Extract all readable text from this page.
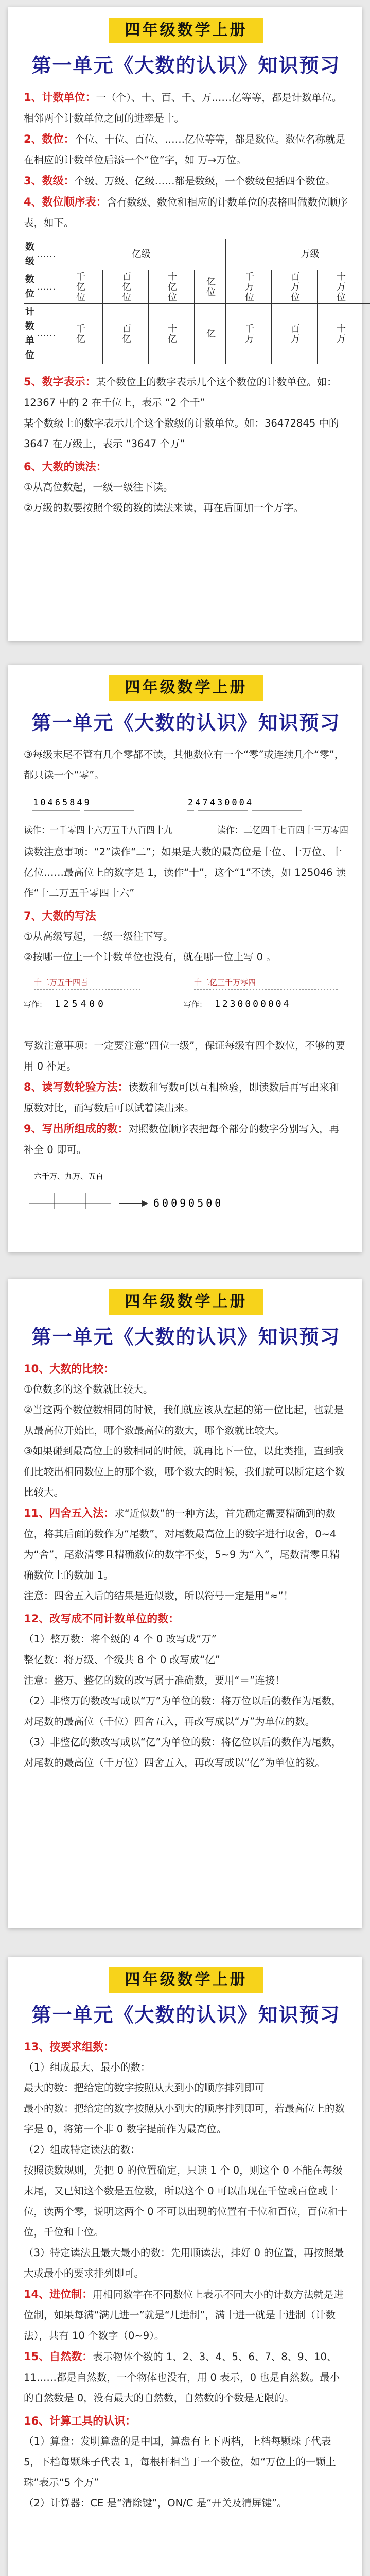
四年级数学上册
第一单元《大数的认识》知识预习

1、计数单位：一（个）、十、百、千、万……亿等等，都是计数单位。相邻两个计数单位之间的进率是十。

2、数位：个位、十位、百位、……亿位等等，都是数位。数位名称就是在相应的计数单位后添一个“位”字，如 万→万位。

3、数级：个级、万级、亿级……都是数级，一个数级包括四个数位。

4、数位顺序表：含有数级、数位和相应的计数单位的表格叫做数位顺序表，如下。

数级	……	亿级				万级	
数位	……	千亿位	百亿位	十亿位	亿位	千万位	百万位	十万位					
计数单位	……	千亿	百亿	十亿	亿	千万	百万	十万					

5、数字表示：某个数位上的数字表示几个这个数位的计数单位。如：12367 中的 2 在千位上，表示 “2 个千”

某个数级上的数字表示几个这个数级的计数单位。如：36472845 中的 3647 在万级上，表示 “3647 个万”

6、大数的读法：

①从高位数起，一级一级往下读。

②万级的数要按照个级的数的读法来读，再在后面加一个万字。

四年级数学上册
第一单元《大数的认识》知识预习

③每级末尾不管有几个零都不读，其他数位有一个“零”或连续几个“零”，都只读一个“零”。

10465849	247430004
读作：一千零四十六万五千八百四十九	读作：二亿四千七百四十三万零四

读数注意事项：“2”读作“二”；如果是大数的最高位是十位、十万位、十亿位……最高位上的数字是 1，读作“十”，这个“1”不读，如 125046 读作“十二万五千零四十六”

7、大数的写法

①从高级写起，一级一级往下写。

②按哪一位上一个计数单位也没有，就在哪一位上写 0 。

十二万五千四百
写作： 125400
十二亿三千万零四
写作： 1230000004

写数注意事项：一定要注意“四位一级”，保证每级有四个数位，不够的要用 0 补足。

8、读写数轮验方法：读数和写数可以互相检验，即读数后再写出来和原数对比，而写数后可以试着读出来。

9、写出所组成的数：对照数位顺序表把每个部分的数字分别写入，再补全 0 即可。

六千万、九万、五百
60090500
四年级数学上册
第一单元《大数的认识》知识预习

10、大数的比较：

①位数多的这个数就比较大。

②当这两个数位数相同的时候，我们就应该从左起的第一位比起，也就是从最高位开始比，哪个数最高位的数大，哪个数就比较大。

③如果碰到最高位上的数相同的时候，就再比下一位，以此类推，直到我们比较出相同数位上的那个数，哪个数大的时候，我们就可以断定这个数比较大。

11、四舍五入法：求“近似数”的一种方法，首先确定需要精确到的数位，将其后面的数作为“尾数”，对尾数最高位上的数字进行取舍，0~4 为“舍”，尾数清零且精确数位的数字不变，5~9 为“入”，尾数清零且精确数位上的数加 1。

注意：四舍五入后的结果是近似数，所以符号一定是用“≈”！

12、改写成不同计数单位的数：

（1）整万数：将个级的 4 个 0 改写成“万”

整亿数：将万级、个级共 8 个 0 改写成“亿”

注意：整万、整亿的数的改写属于准确数，要用“＝”连接！

（2）非整万的数改写成以“万”为单位的数：将万位以后的数作为尾数，对尾数的最高位（千位）四舍五入，再改写成以“万”为单位的数。

（3）非整亿的数改写成以“亿”为单位的数：将亿位以后的数作为尾数，对尾数的最高位（千万位）四舍五入，再改写成以“亿”为单位的数。

四年级数学上册
第一单元《大数的认识》知识预习

13、按要求组数：

（1）组成最大、最小的数：

最大的数：把给定的数字按照从大到小的顺序排列即可

最小的数：把给定的数字按照从小到大的顺序排列即可，若最高位上的数字是 0，将第一个非 0 数字提前作为最高位。

（2）组成特定读法的数：

按照读数规则，先把 0 的位置确定，只读 1 个 0，则这个 0 不能在每级末尾，又已知这个数是五位数，所以这个 0 可以出现在千位或百位或十位，读两个零，说明这两个 0 不可以出现的位置有千位和百位，百位和十位，千位和十位。

（3）特定读法且最大最小的数：先用顺读法，排好 0 的位置，再按照最大或最小的要求排列即可。

14、进位制：用相同数字在不同数位上表示不同大小的计数方法就是进位制，如果每满“满几进一”就是“几进制”，满十进一就是十进制（计数法），共有 10 个数字（0~9）。

15、自然数：表示物体个数的 1、2、3、4、5、6、7、8、9、10、11……都是自然数，一个物体也没有，用 0 表示，0 也是自然数。最小的自然数是 0，没有最大的自然数，自然数的个数是无限的。

16、计算工具的认识：

（1）算盘：发明算盘的是中国，算盘有上下两档，上档每颗珠子代表 5，下档每颗珠子代表 1，每根杆相当于一个数位，如“万位上的一颗上珠”表示“5 个万”

（2）计算器：CE 是“清除键”，ON/C 是“开关及清屏键”。
